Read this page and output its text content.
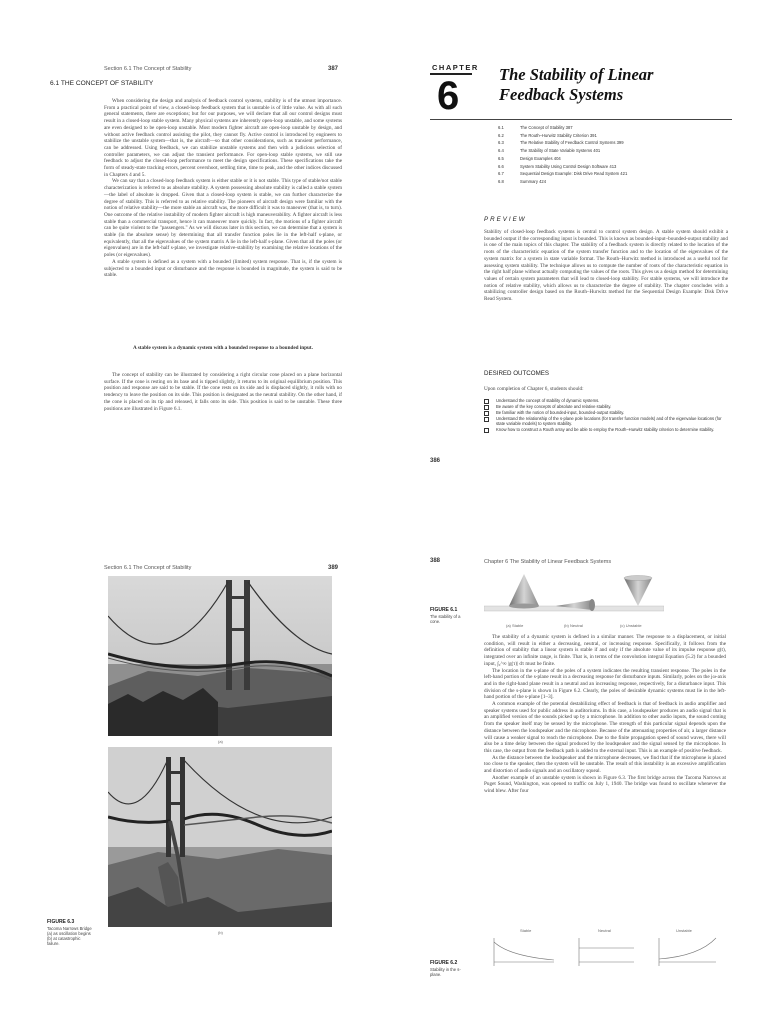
Section 6.1 The Concept of Stability	387
6.1 THE CONCEPT OF STABILITY

When considering the design and analysis of feedback control systems, stability is of the utmost importance. From a practical point of view, a closed-loop feedback system that is unstable is of little value. As with all such general statements, there are exceptions; but for our purposes, we will declare that all our control designs must result in a closed-loop stable system. Many physical systems are inherently open-loop unstable, and some systems are even designed to be open-loop unstable. Most modern fighter aircraft are open-loop unstable by design, and without active feedback control assisting the pilot, they cannot fly. Active control is introduced by engineers to stabilize the unstable system—that is, the aircraft—so that other considerations, such as transient performance, can be addressed. Using feedback, we can stabilize unstable systems and then with a judicious selection of controller parameters, we can adjust the transient performance. For open-loop stable systems, we still use feedback to adjust the closed-loop performance to meet the design specifications. These specifications take the form of steady-state tracking errors, percent overshoot, settling time, time to peak, and the other indices discussed in Chapters 4 and 5.

We can say that a closed-loop feedback system is either stable or it is not stable. This type of stable/not stable characterization is referred to as absolute stability. A system possessing absolute stability is called a stable system—the label of absolute is dropped. Given that a closed-loop system is stable, we can further characterize the degree of stability. This is referred to as relative stability. The pioneers of aircraft design were familiar with the notion of relative stability—the more stable an aircraft was, the more difficult it was to maneuver (that is, to turn). One outcome of the relative instability of modern fighter aircraft is high maneuverability. A fighter aircraft is less stable than a commercial transport, hence it can maneuver more quickly. In fact, the motions of a fighter aircraft can be quite violent to the "passengers." As we will discuss later in this section, we can determine that a system is stable (in the absolute sense) by determining that all transfer function poles lie in the left-half s-plane, or equivalently, that all the eigenvalues of the system matrix A lie in the left-half s-plane. Given that all the poles (or eigenvalues) are in the left-half s-plane, we investigate relative-stability by examining the relative locations of the poles (or eigenvalues).

A stable system is defined as a system with a bounded (limited) system response. That is, if the system is subjected to a bounded input or disturbance and the response is bounded in magnitude, the system is said to be stable.

A stable system is a dynamic system with a bounded response to a bounded input.

The concept of stability can be illustrated by considering a right circular cone placed on a plane horizontal surface. If the cone is resting on its base and is tipped slightly, it returns to its original equilibrium position. This position and response are said to be stable. If the cone rests on its side and is displaced slightly, it rolls with no tendency to leave the position on its side. This position is designated as the neutral stability. On the other hand, if the cone is placed on its tip and released, it falls onto its side. This position is said to be unstable. These three positions are illustrated in Figure 6.1.

CHAPTER
6 The Stability of Linear
Feedback Systems
6.1	The Concept of Stability 387
6.2	The Routh–Hurwitz Stability Criterion 391
6.3	The Relative Stability of Feedback Control Systems 399
6.4	The Stability of State Variable Systems 401
6.5	Design Examples 404
6.6	System Stability Using Control Design Software 413
6.7	Sequential Design Example: Disk Drive Read System 421
6.8	Summary 424
PREVIEW

Stability of closed-loop feedback systems is central to control system design. A stable system should exhibit a bounded output if the corresponding input is bounded. This is known as bounded-input–bounded-output stability and is one of the main topics of this chapter. The stability of a feedback system is directly related to the location of the roots of the characteristic equation of the system transfer function and to the location of the eigenvalues of the system matrix for a system in state variable format. The Routh–Hurwitz method is introduced as a useful tool for assessing system stability. The technique allows us to compute the number of roots of the characteristic equation in the right half plane without actually computing the values of the roots. This gives us a design method for determining values of certain system parameters that will lead to closed-loop stability. For stable systems, we will introduce the notion of relative stability, which allows us to characterize the degree of stability. The chapter concludes with a stabilizing controller design based on the Routh–Hurwitz method for the Sequential Design Example: Disk Drive Read System.

DESIRED OUTCOMES

Upon completion of Chapter 6, students should:

Understand the concept of stability of dynamic systems.
Be aware of the key concepts of absolute and relative stability.
Be familiar with the notion of bounded-input, bounded-output stability.
Understand the relationship of the s-plane pole locations (for transfer function models) and of the eigenvalue locations (for state variable models) to system stability.
Know how to construct a Routh array and be able to employ the Routh–Hurwitz stability criterion to determine stability.
386
Section 6.1 The Concept of Stability	389
(a)
(b)
FIGURE 6.3
Tacoma Narrows Bridge (a) as oscillation begins (b) at catastrophic failure.
388	Chapter 6 The Stability of Linear Feedback Systems
FIGURE 6.1
The stability of a cone.
(a) Stable	(b) Neutral	(c) Unstable

The stability of a dynamic system is defined in a similar manner. The response to a displacement, or initial condition, will result in either a decreasing, neutral, or increasing response. Specifically, it follows from the definition of stability that a linear system is stable if and only if the absolute value of its impulse response g(t), integrated over an infinite range, is finite. That is, in terms of the convolution integral Equation (5.2) for a bounded input, ∫₀^∞ |g(τ)| dτ must be finite.

The location in the s-plane of the poles of a system indicates the resulting transient response. The poles in the left-hand portion of the s-plane result in a decreasing response for disturbance inputs. Similarly, poles on the jω-axis and in the right-hand plane result in a neutral and an increasing response, respectively, for a disturbance input. This division of the s-plane is shown in Figure 6.2. Clearly, the poles of desirable dynamic systems must lie in the left-hand portion of the s-plane [1–3].

A common example of the potential destabilizing effect of feedback is that of feedback in audio amplifier and speaker systems used for public address in auditoriums. In this case, a loudspeaker produces an audio signal that is an amplified version of the sounds picked up by a microphone. In addition to other audio inputs, the sound coming from the speaker itself may be sensed by the microphone. The strength of this particular signal depends upon the distance between the loudspeaker and the microphone. Because of the attenuating properties of air, a larger distance will cause a weaker signal to reach the microphone. Due to the finite propagation speed of sound waves, there will also be a time delay between the signal produced by the loudspeaker and the signal sensed by the microphone. In this case, the output from the feedback path is added to the external input. This is an example of positive feedback.

As the distance between the loudspeaker and the microphone decreases, we find that if the microphone is placed too close to the speaker, then the system will be unstable. The result of this instability is an excessive amplification and distortion of audio signals and an oscillatory squeal.

Another example of an unstable system is shown in Figure 6.3. The first bridge across the Tacoma Narrows at Puget Sound, Washington, was opened to traffic on July 1, 1940. The bridge was found to oscillate whenever the wind blew. After four

Stable	Neutral	Unstable
FIGURE 6.2
Stability in the s-plane.
